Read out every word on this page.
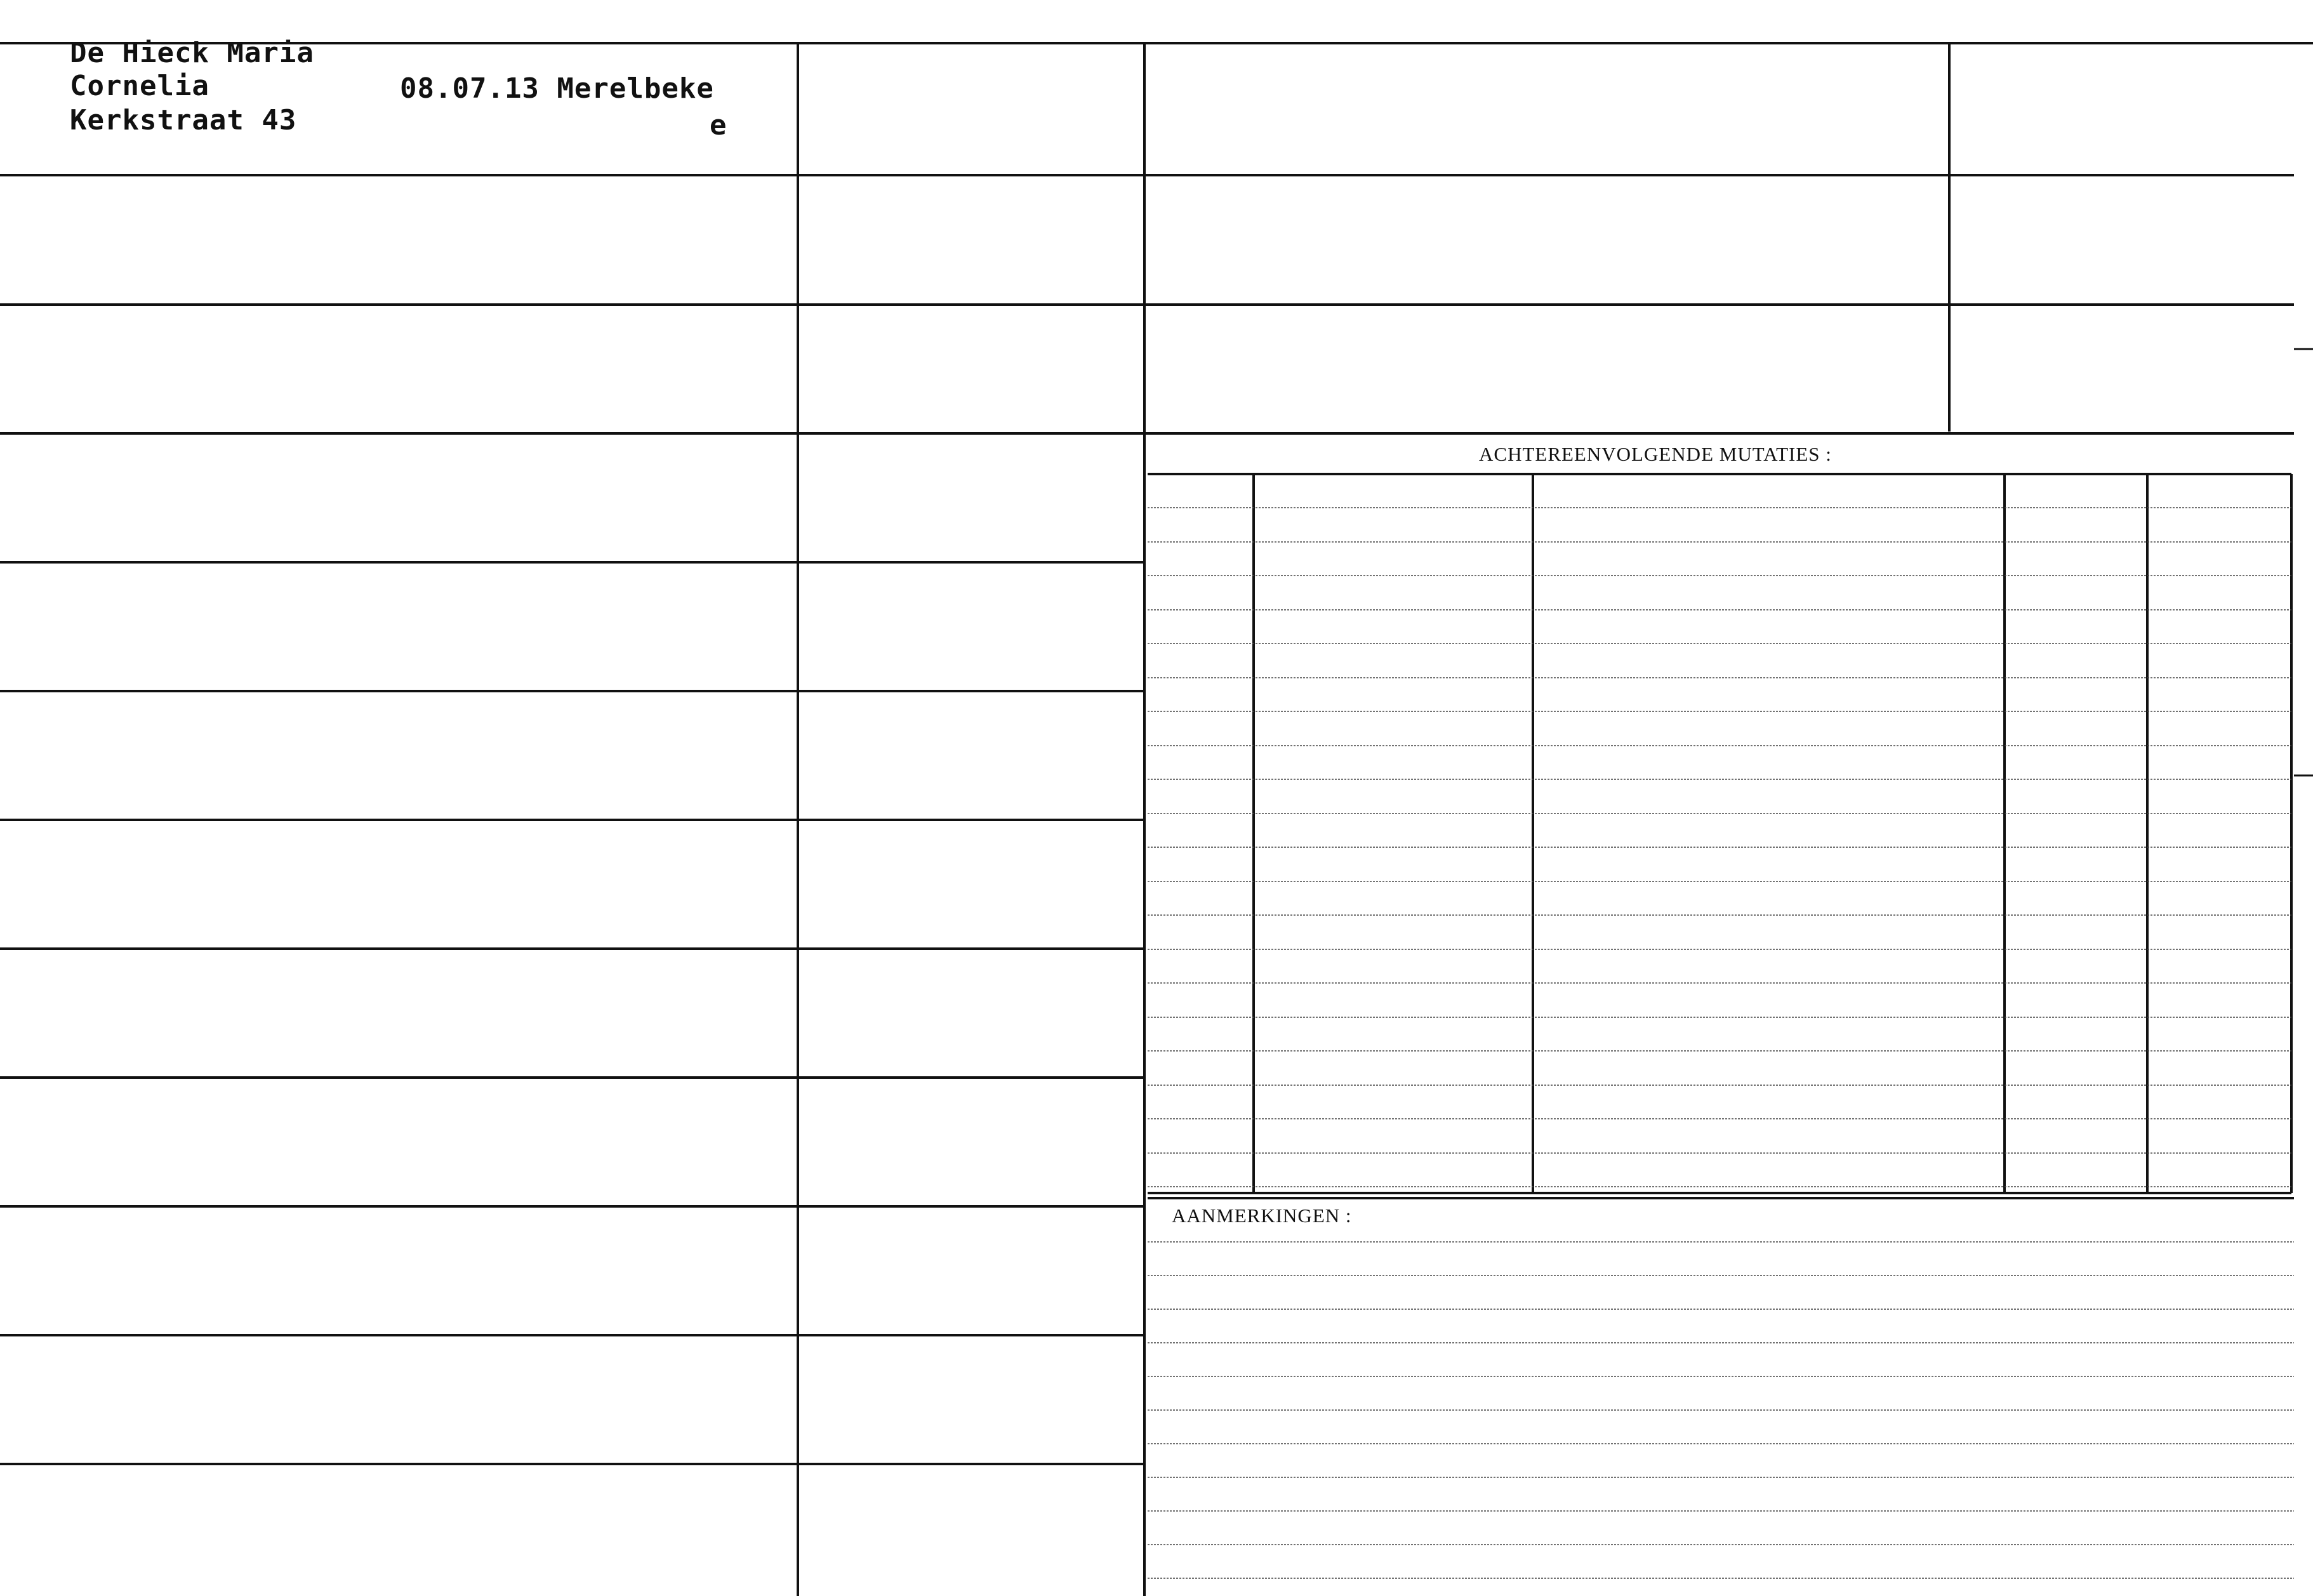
De Hieck Maria
Cornelia
Kerkstraat 43
08.07.13 Merelbeke
e
ACHTEREENVOLGENDE MUTATIES :
AANMERKINGEN :
